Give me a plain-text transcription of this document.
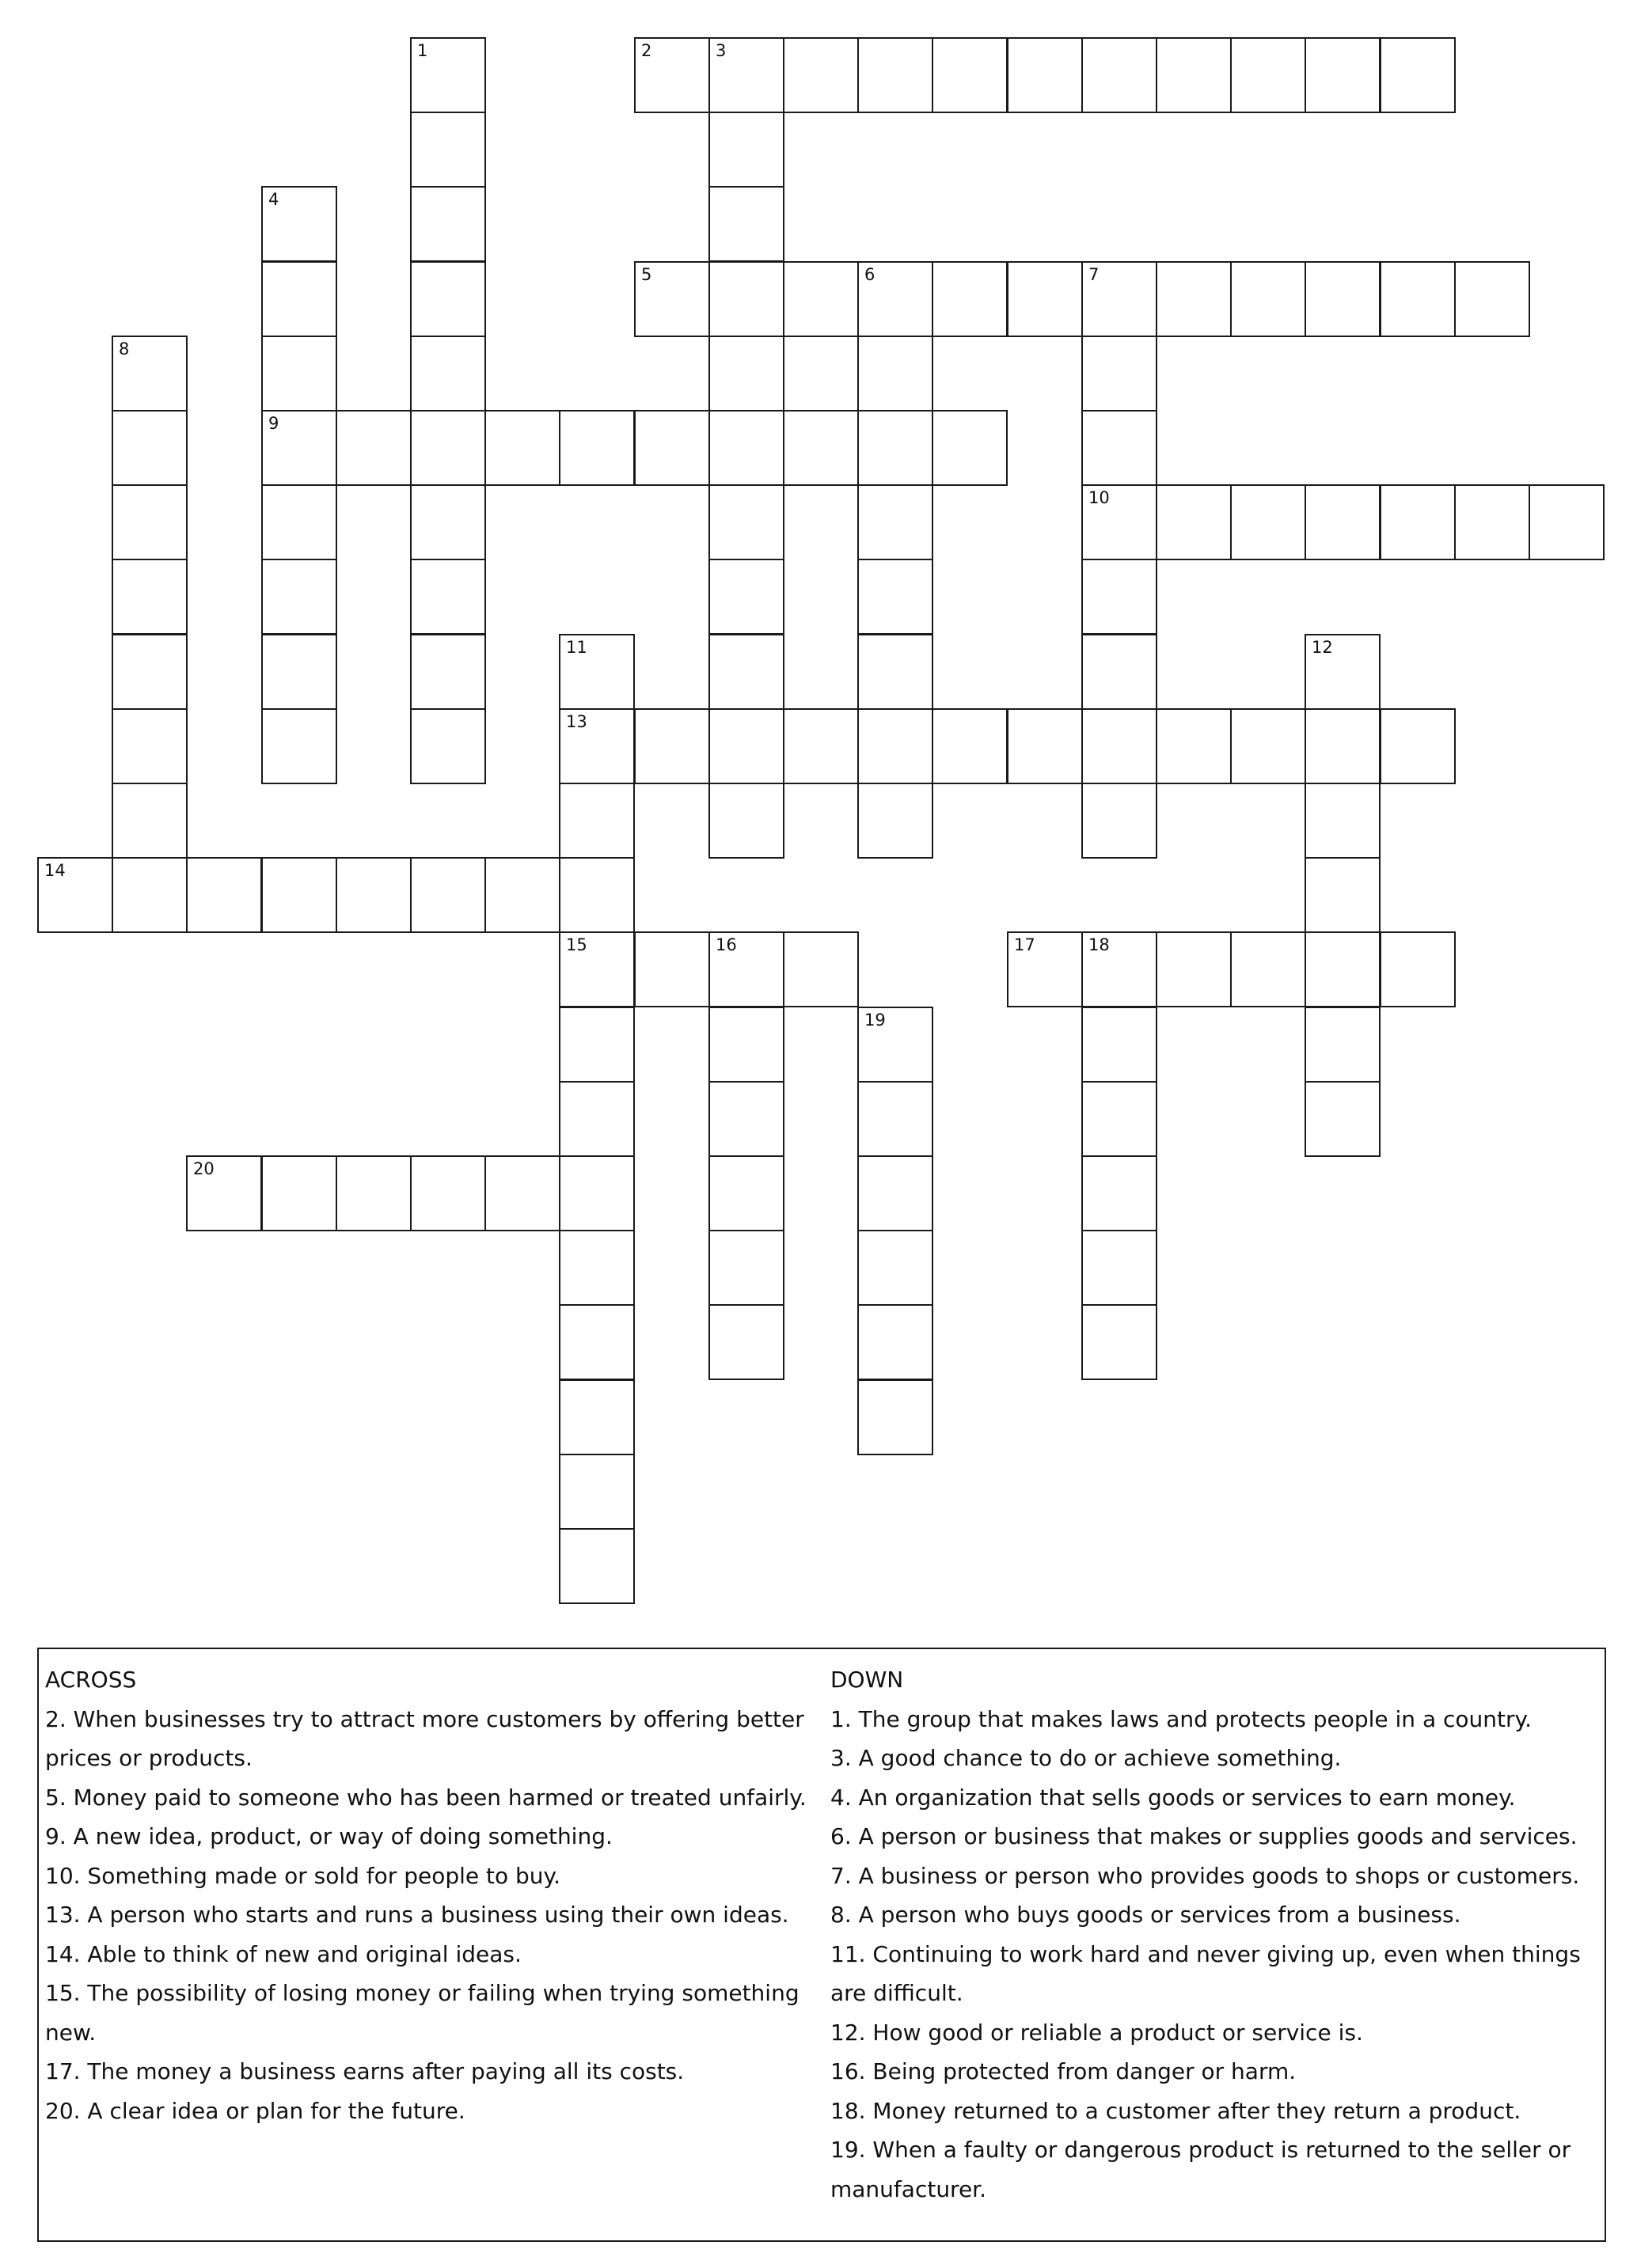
1	2	3
4
5	6	7
8
9
10
11	12
13
14
15	16	17	18
19
20
ACROSS
2. When businesses try to attract more customers by offering better prices or products.
5. Money paid to someone who has been harmed or treated unfairly.
9. A new idea, product, or way of doing something.
10. Something made or sold for people to buy.
13. A person who starts and runs a business using their own ideas.
14. Able to think of new and original ideas.
15. The possibility of losing money or failing when trying something new.
17. The money a business earns after paying all its costs.
20. A clear idea or plan for the future.
DOWN
1. The group that makes laws and protects people in a country.
3. A good chance to do or achieve something.
4. An organization that sells goods or services to earn money.
6. A person or business that makes or supplies goods and services.
7. A business or person who provides goods to shops or customers.
8. A person who buys goods or services from a business.
11. Continuing to work hard and never giving up, even when things are difficult.
12. How good or reliable a product or service is.
16. Being protected from danger or harm.
18. Money returned to a customer after they return a product.
19. When a faulty or dangerous product is returned to the seller or manufacturer.
